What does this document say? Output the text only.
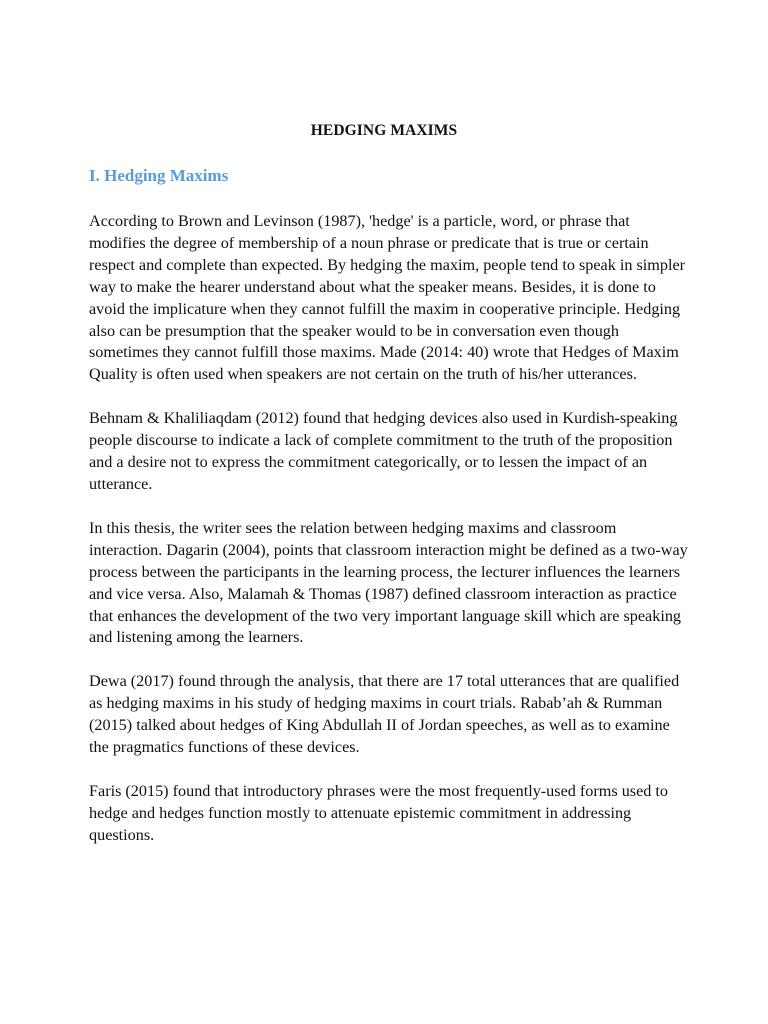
HEDGING MAXIMS
I. Hedging Maxims

According to Brown and Levinson (1987), 'hedge' is a particle, word, or phrase that modifies the degree of membership of a noun phrase or predicate that is true or certain respect and complete than expected. By hedging the maxim, people tend to speak in simpler way to make the hearer understand about what the speaker means. Besides, it is done to avoid the implicature when they cannot fulfill the maxim in cooperative principle. Hedging also can be presumption that the speaker would to be in conversation even though sometimes they cannot fulfill those maxims. Made (2014: 40) wrote that Hedges of Maxim Quality is often used when speakers are not certain on the truth of his/her utterances.

Behnam & Khaliliaqdam (2012) found that hedging devices also used in Kurdish-speaking people discourse to indicate a lack of complete commitment to the truth of the proposition and a desire not to express the commitment categorically, or to lessen the impact of an utterance.

In this thesis, the writer sees the relation between hedging maxims and classroom interaction. Dagarin (2004), points that classroom interaction might be defined as a two-way process between the participants in the learning process, the lecturer influences the learners and vice versa. Also, Malamah & Thomas (1987) defined classroom interaction as practice that enhances the development of the two very important language skill which are speaking and listening among the learners.

Dewa (2017) found through the analysis, that there are 17 total utterances that are qualified as hedging maxims in his study of hedging maxims in court trials. Rabab’ah & Rumman (2015) talked about hedges of King Abdullah II of Jordan speeches, as well as to examine the pragmatics functions of these devices.

Faris (2015) found that introductory phrases were the most frequently-used forms used to hedge and hedges function mostly to attenuate epistemic commitment in addressing questions.
